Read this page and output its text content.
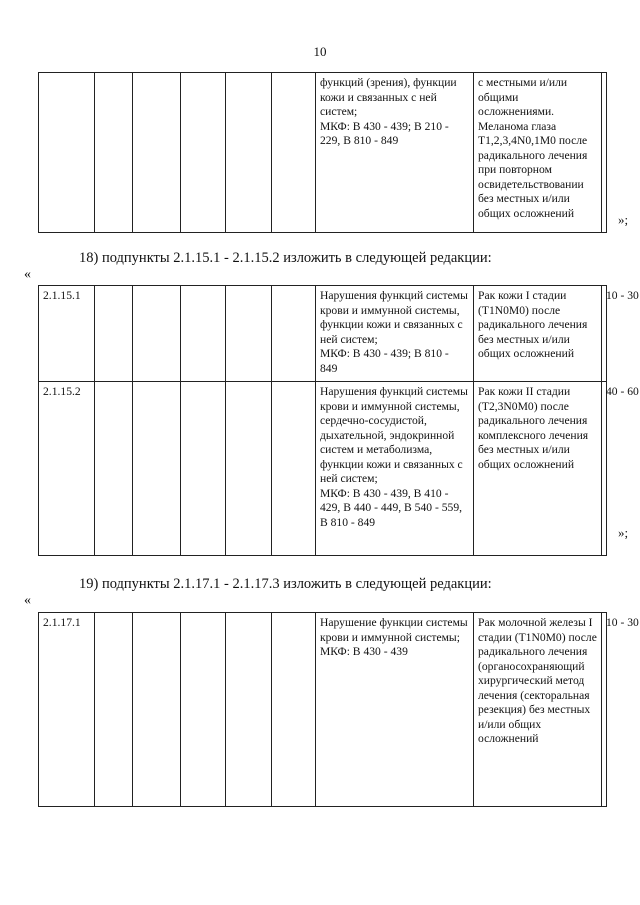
10
						функций (зрения), функции кожи и связанных с ней систем;
МКФ: В 430 - 439; В 210 - 229, В 810 - 849	с местными и/или общими осложнениями.
Меланома глаза Т1,2,3,4N0,1M0 после радикального лечения при повторном освидетельствовании без местных и/или общих осложнений		»;
18) подпункты 2.1.15.1 - 2.1.15.2 изложить в следующей редакции:
«
2.1.15.1						Нарушения функций системы крови и иммунной системы, функции кожи и связанных с ней систем;
МКФ: В 430 - 439; В 810 - 849	Рак кожи I стадии (T1N0M0) после радикального лечения без местных и/или общих осложнений	10 - 30
2.1.15.2						Нарушения функций системы крови и иммунной системы, сердечно-сосудистой, дыхательной, эндокринной систем и метаболизма, функции кожи и связанных с ней систем;
МКФ: В 430 - 439, В 410 - 429, В 440 - 449, В 540 - 559, В 810 - 849	Рак кожи II стадии (T2,3N0M0) после радикального лечения комплексного лечения без местных и/или общих осложнений	40 - 60
»;
19) подпункты 2.1.17.1 - 2.1.17.3 изложить в следующей редакции:
«
2.1.17.1						Нарушение функции системы крови и иммунной системы;
МКФ: В 430 - 439	Рак молочной железы I стадии (T1N0M0) после радикального лечения (органосохраняющий хирургический метод лечения (секторальная резекция) без местных и/или общих осложнений	10 - 30
